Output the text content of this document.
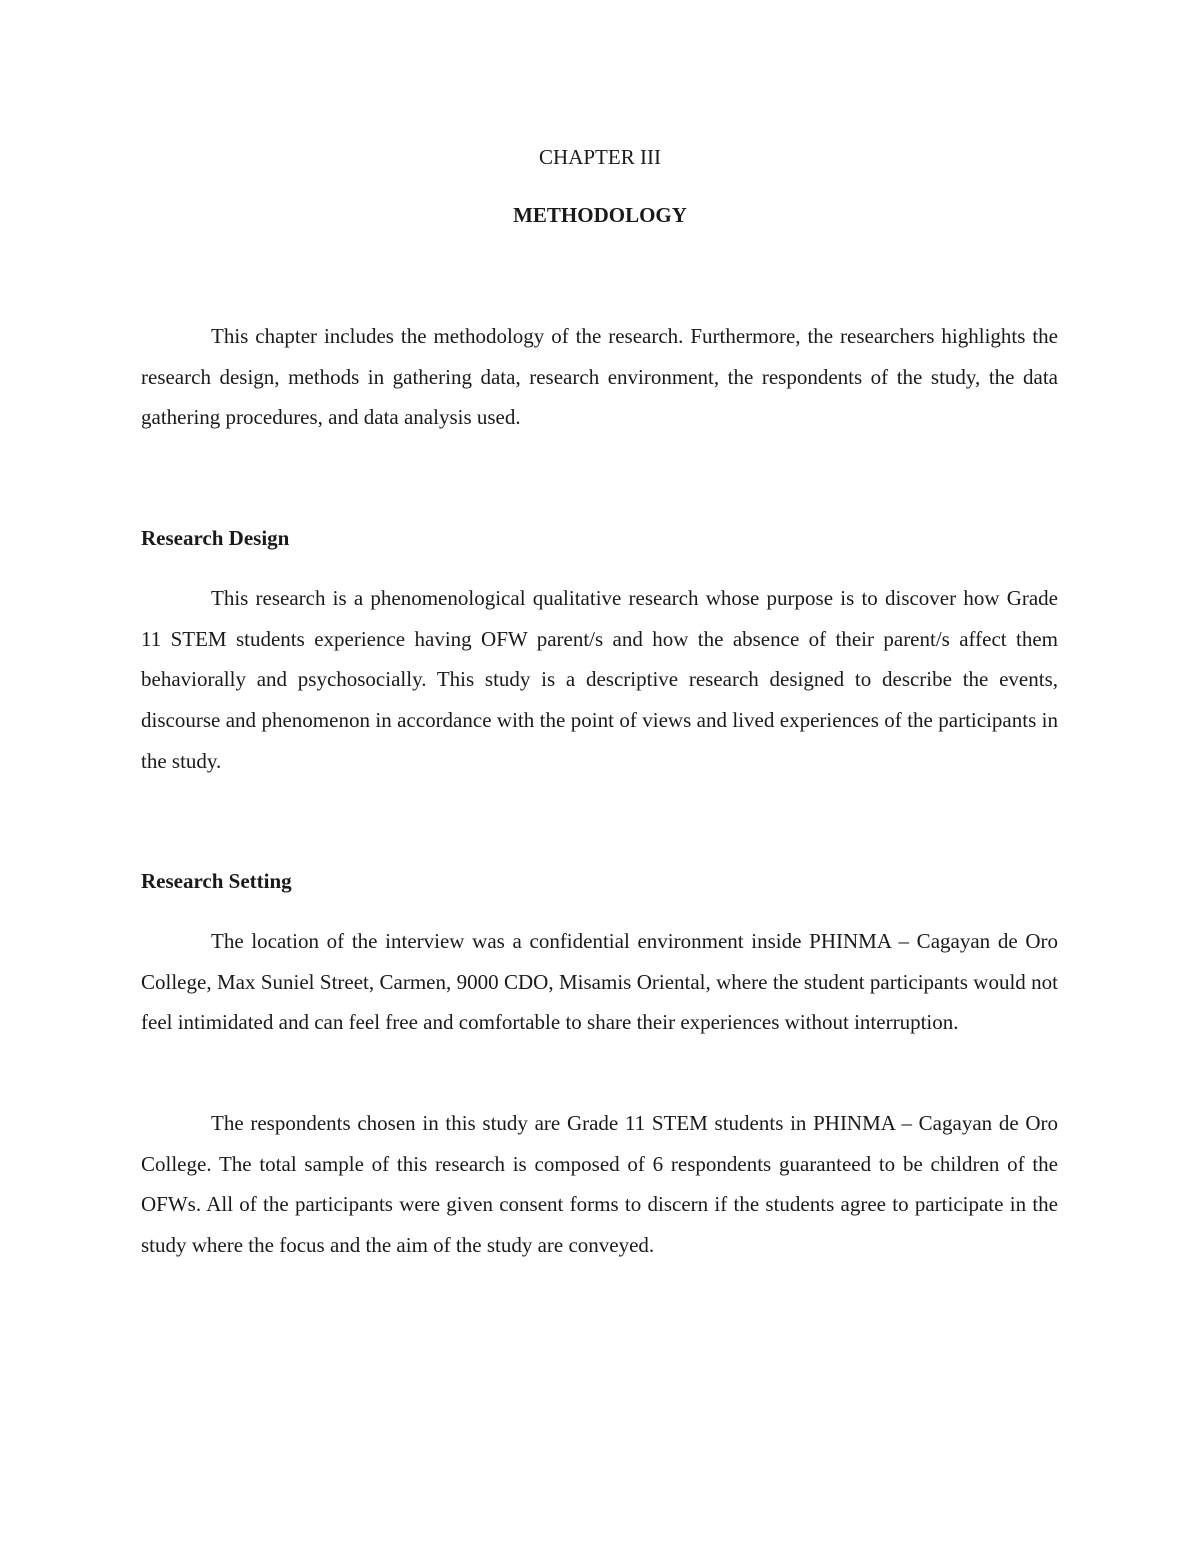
CHAPTER III
METHODOLOGY

This chapter includes the methodology of the research. Furthermore, the researchers highlights the research design, methods in gathering data, research environment, the respondents of the study, the data gathering procedures, and data analysis used.

Research Design

This research is a phenomenological qualitative research whose purpose is to discover how Grade 11 STEM students experience having OFW parent/s and how the absence of their parent/s affect them behaviorally and psychosocially. This study is a descriptive research designed to describe the events, discourse and phenomenon in accordance with the point of views and lived experiences of the participants in the study.

Research Setting

The location of the interview was a confidential environment inside PHINMA – Cagayan de Oro College, Max Suniel Street, Carmen, 9000 CDO, Misamis Oriental, where the student participants would not feel intimidated and can feel free and comfortable to share their experiences without interruption.

The respondents chosen in this study are Grade 11 STEM students in PHINMA – Cagayan de Oro College. The total sample of this research is composed of 6 respondents guaranteed to be children of the OFWs. All of the participants were given consent forms to discern if the students agree to participate in the study where the focus and the aim of the study are conveyed.
